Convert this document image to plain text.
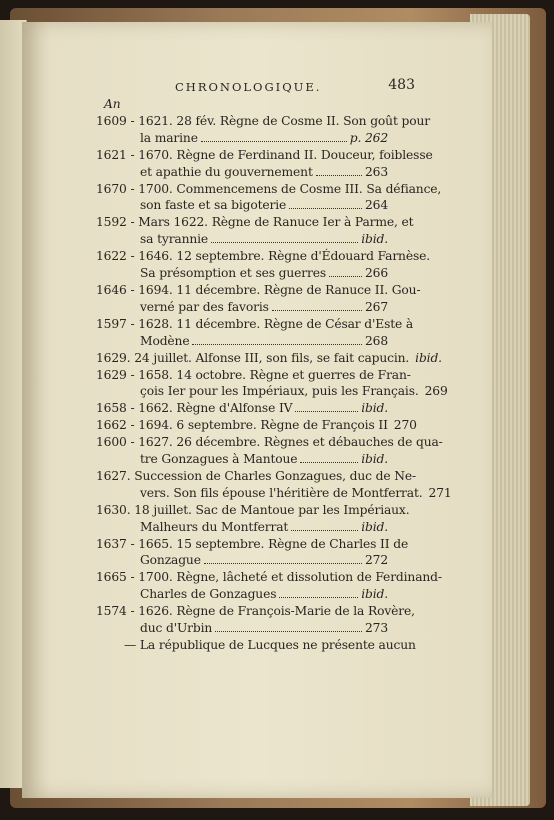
CHRONOLOGIQUE.	483
An
1609 - 1621. 28 fév. Règne de Cosme II. Son goût pour
la marine	p. 262
1621 - 1670. Règne de Ferdinand II. Douceur, foiblesse
et apathie du gouvernement	263
1670 - 1700. Commencemens de Cosme III. Sa défiance,
son faste et sa bigoterie	264
1592 - Mars 1622. Règne de Ranuce Ier à Parme, et
sa tyrannie	ibid.
1622 - 1646. 12 septembre. Règne d'Édouard Farnèse.
Sa présomption et ses guerres	266
1646 - 1694. 11 décembre. Règne de Ranuce II. Gou-
verné par des favoris	267
1597 - 1628. 11 décembre. Règne de César d'Este à
Modène	268
1629. 24 juillet. Alfonse III, son fils, se fait capucin. ibid.
1629 - 1658. 14 octobre. Règne et guerres de Fran-
çois Ier pour les Impériaux, puis les Français. 269
1658 - 1662. Règne d'Alfonse IV	ibid.
1662 - 1694. 6 septembre. Règne de François II 270
1600 - 1627. 26 décembre. Règnes et débauches de qua-
tre Gonzagues à Mantoue	ibid.
1627. Succession de Charles Gonzagues, duc de Ne-
vers. Son fils épouse l'héritière de Montferrat. 271
1630. 18 juillet. Sac de Mantoue par les Impériaux.
Malheurs du Montferrat	ibid.
1637 - 1665. 15 septembre. Règne de Charles II de
Gonzague	272
1665 - 1700. Règne, lâcheté et dissolution de Ferdinand-
Charles de Gonzagues	ibid.
1574 - 1626. Règne de François-Marie de la Rovère,
duc d'Urbin	273
— La république de Lucques ne présente aucun
